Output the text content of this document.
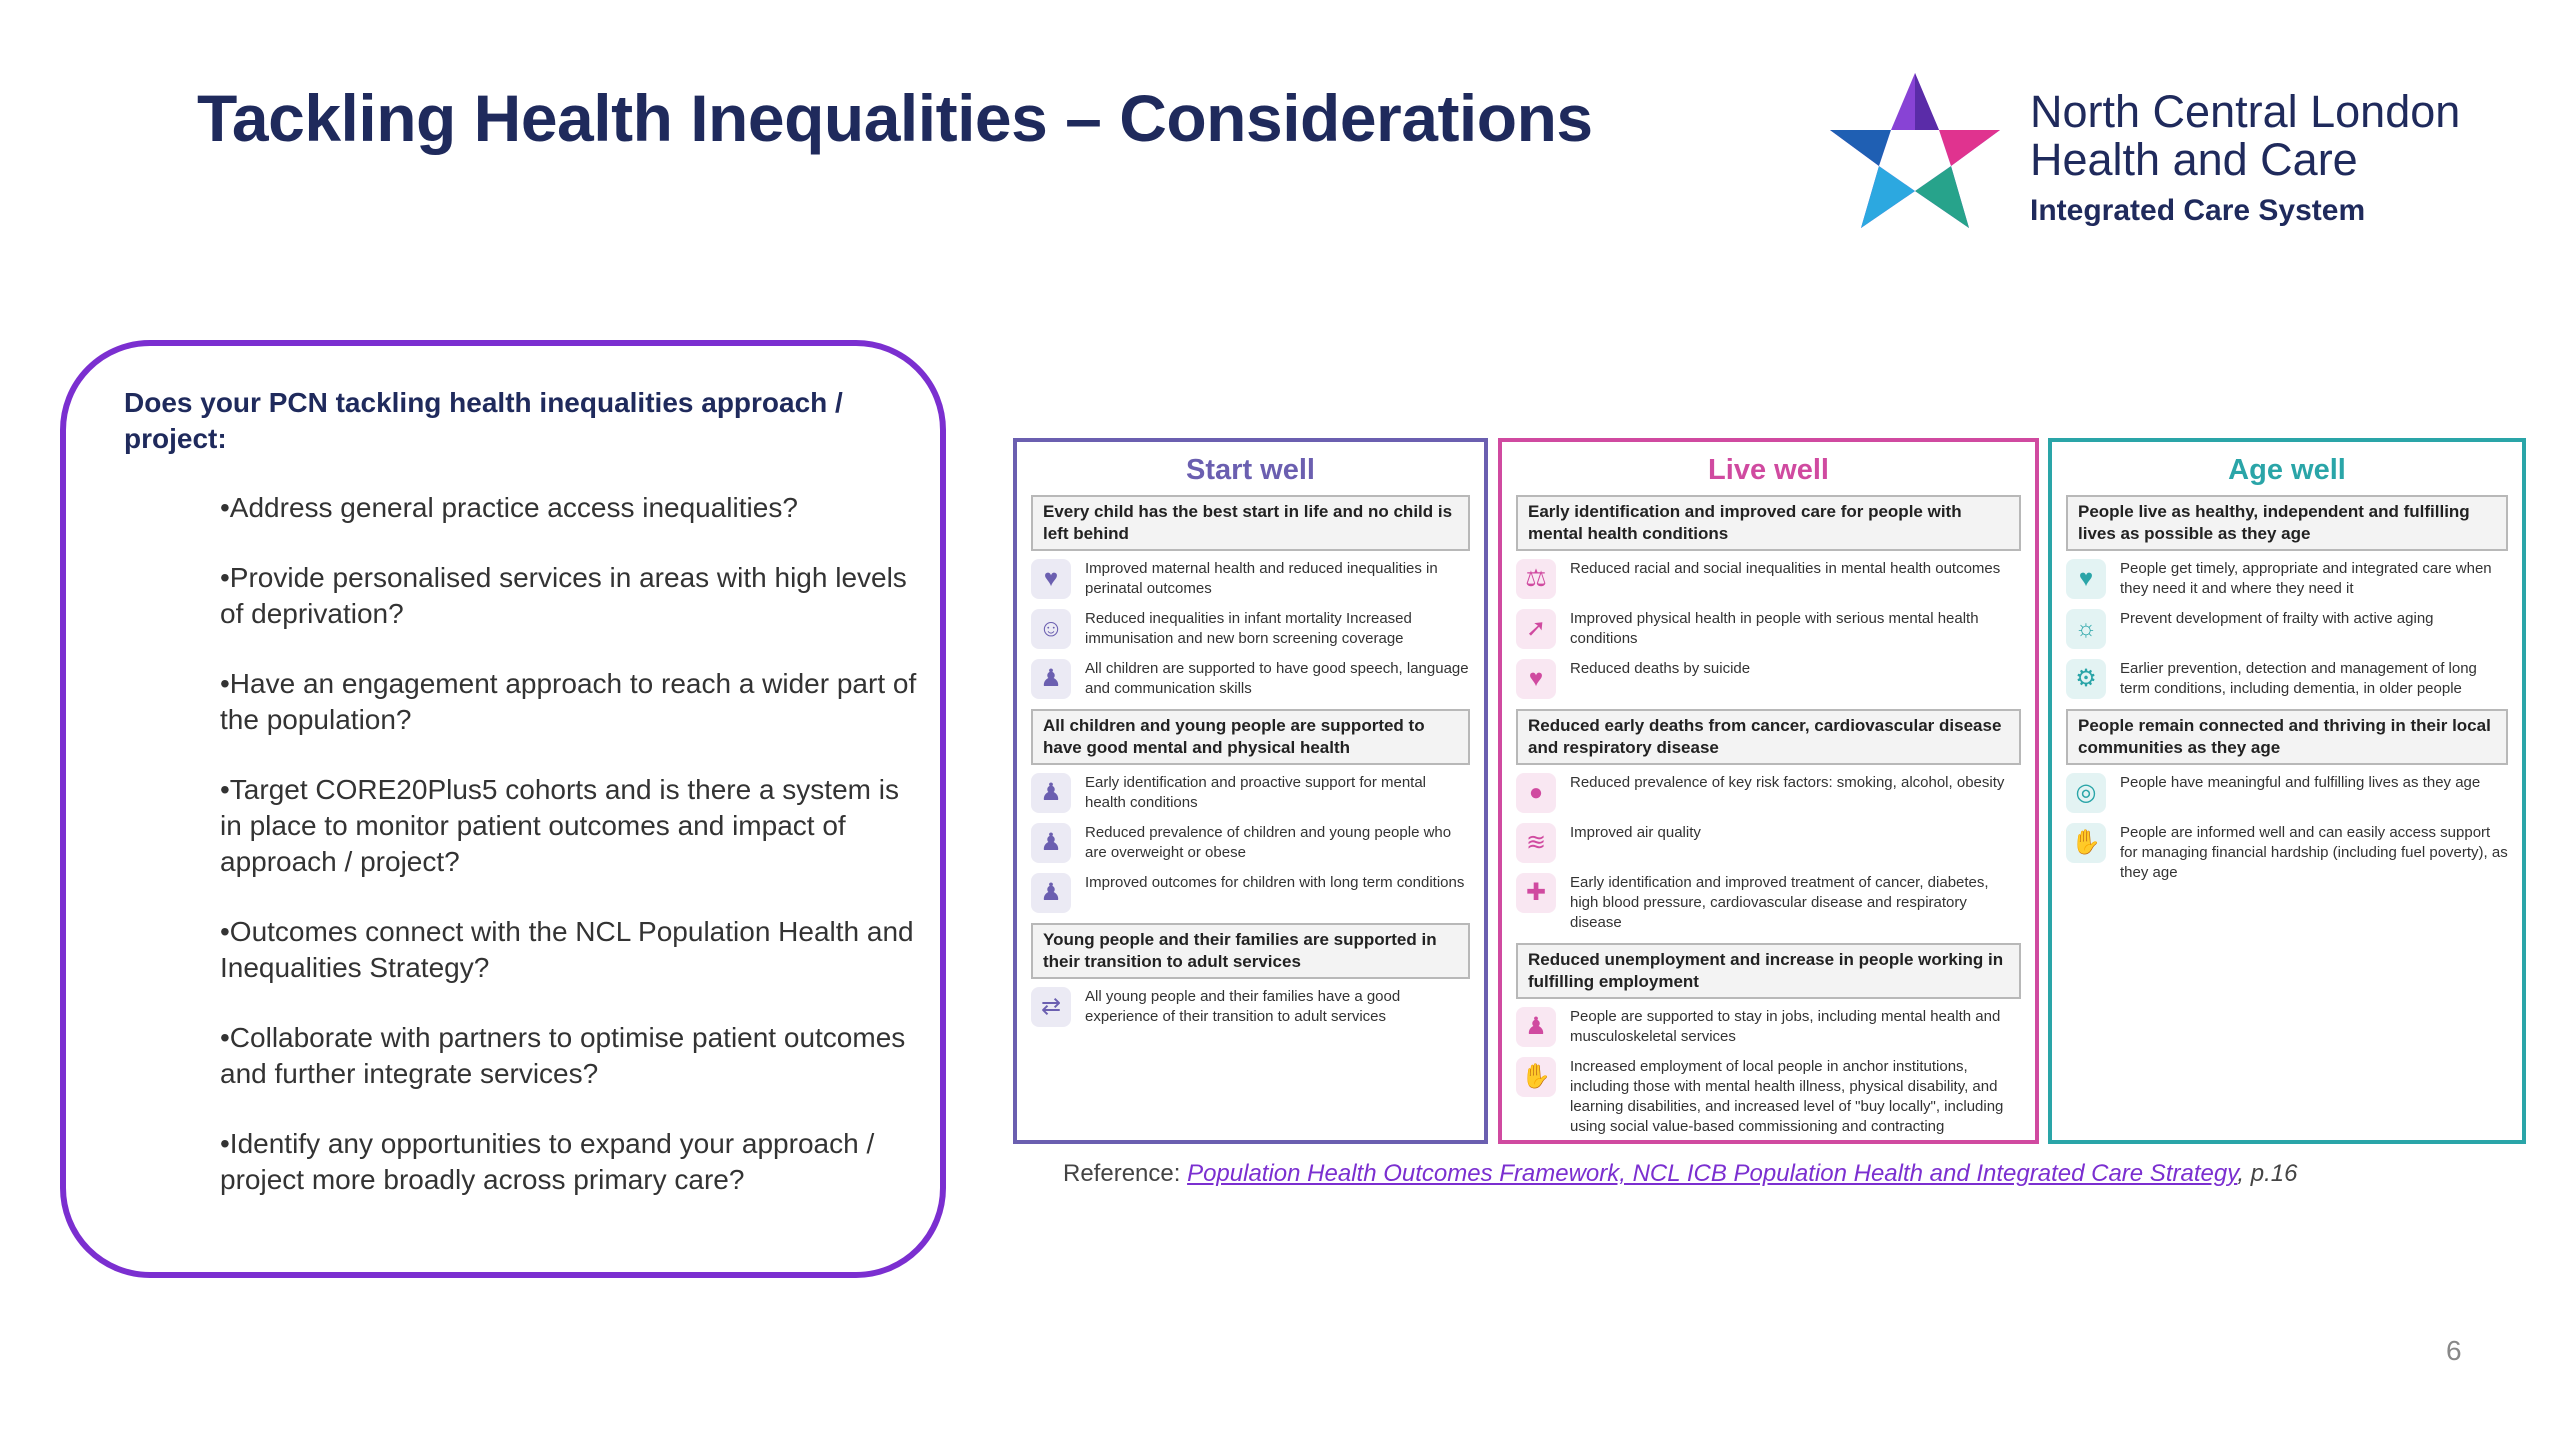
Tackling Health Inequalities – Considerations	North Central London
Health and Care
Integrated Care System
Does your PCN tackling health inequalities approach / project:
•Address general practice access inequalities?
•Provide personalised services in areas with high levels of deprivation?
•Have an engagement approach to reach a wider part of the population?
•Target CORE20Plus5 cohorts and is there a system is in place to monitor patient outcomes and impact of approach / project?
•Outcomes connect with the NCL Population Health and Inequalities Strategy?
•Collaborate with partners to optimise patient outcomes and further integrate services?
•Identify any opportunities to expand your approach / project more broadly across primary care?
Start well
Every child has the best start in life and no child is left behind
♥	Improved maternal health and reduced inequalities in perinatal outcomes
☺	Reduced inequalities in infant mortality Increased immunisation and new born screening coverage
♟	All children are supported to have good speech, language and communication skills
All children and young people are supported to have good mental and physical health
♟	Early identification and proactive support for mental health conditions
♟	Reduced prevalence of children and young people who are overweight or obese
♟	Improved outcomes for children with long term conditions
Young people and their families are supported in their transition to adult services
⇄	All young people and their families have a good experience of their transition to adult services
Live well
Early identification and improved care for people with mental health conditions
⚖	Reduced racial and social inequalities in mental health outcomes
➚	Improved physical health in people with serious mental health conditions
♥	Reduced deaths by suicide
Reduced early deaths from cancer, cardiovascular disease and respiratory disease
●	Reduced prevalence of key risk factors: smoking, alcohol, obesity
≋	Improved air quality
✚	Early identification and improved treatment of cancer, diabetes, high blood pressure, cardiovascular disease and respiratory disease
Reduced unemployment and increase in people working in fulfilling employment
♟	People are supported to stay in jobs, including mental health and musculoskeletal services
✋	Increased employment of local people in anchor institutions, including those with mental health illness, physical disability, and learning disabilities, and increased level of "buy locally", including using social value-based commissioning and contracting
Age well
People live as healthy, independent and fulfilling lives as possible as they age
♥	People get timely, appropriate and integrated care when they need it and where they need it
☼	Prevent development of frailty with active aging
⚙	Earlier prevention, detection and management of long term conditions, including dementia, in older people
People remain connected and thriving in their local communities as they age
◎	People have meaningful and fulfilling lives as they age
✋	People are informed well and can easily access support for managing financial hardship (including fuel poverty), as they age
Reference: Population Health Outcomes Framework, NCL ICB Population Health and Integrated Care Strategy, p.16
6
